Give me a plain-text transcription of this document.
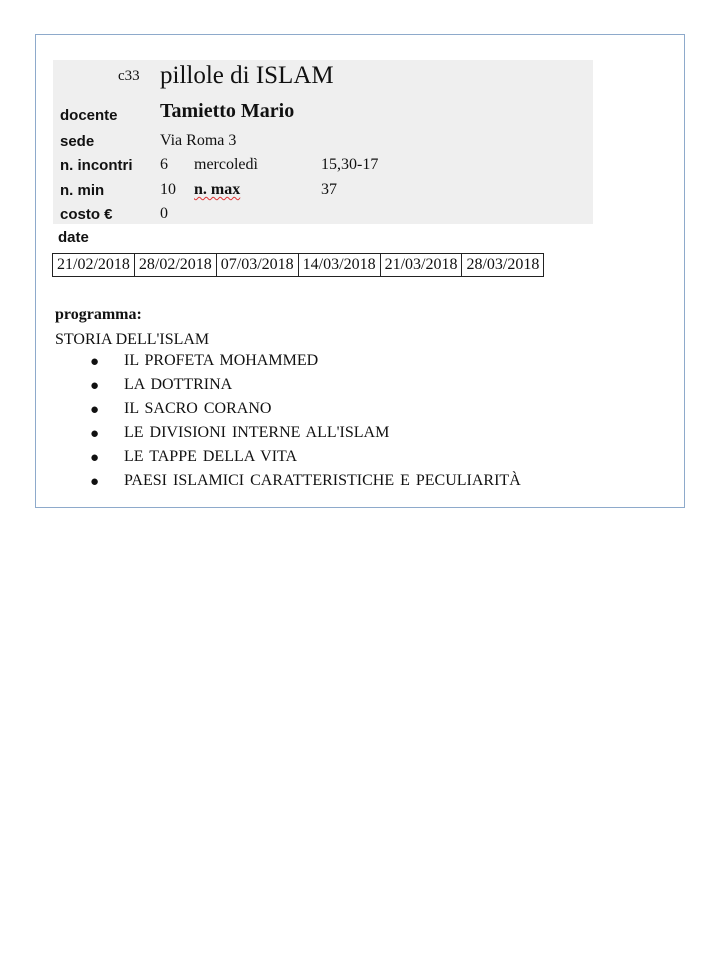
c33 pillole di ISLAM
docente Tamietto Mario
sede	Via Roma 3
n. incontri 6 mercoledì	15,30-17
n. min	10 n. max	37
costo €	0
date
21/02/2018	28/02/2018	07/03/2018	14/03/2018	21/03/2018	28/03/2018
programma:
STORIA DELL'ISLAM
● IL PROFETA MOHAMMED
● LA DOTTRINA
● IL SACRO CORANO
● LE DIVISIONI INTERNE ALL'ISLAM
● LE TAPPE DELLA VITA
● PAESI ISLAMICI CARATTERISTICHE E PECULIARITÀ
